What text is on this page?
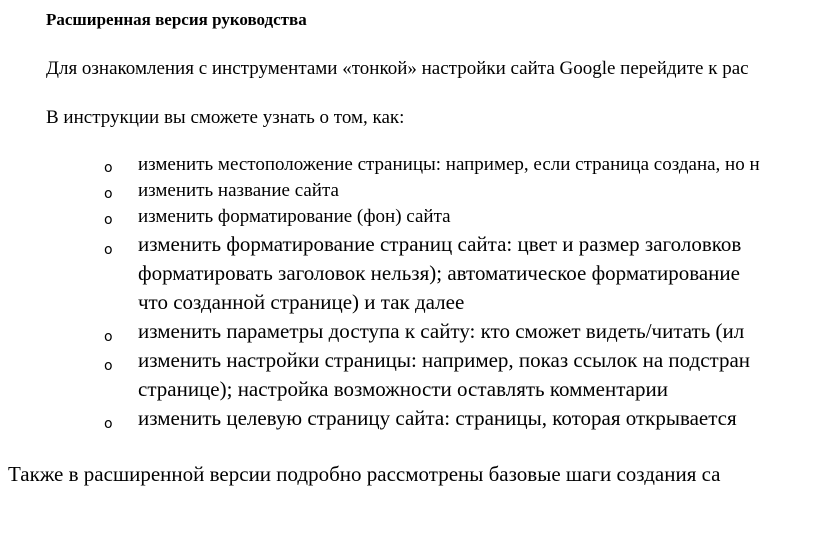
Расширенная версия руководства
Для ознакомления с инструментами «тонкой» настройки сайта Google перейдите к рас
В инструкции вы сможете узнать о том, как:
o изменить местоположение страницы: например, если страница создана, но н
o изменить название сайта
o изменить форматирование (фон) сайта
o изменить форматирование страниц сайта: цвет и размер заголовков
форматировать заголовок нельзя); автоматическое форматирование
что созданной странице) и так далее
o изменить параметры доступа к сайту: кто сможет видеть/читать (ил
o изменить настройки страницы: например, показ ссылок на подстран
странице); настройка возможности оставлять комментарии
o изменить целевую страницу сайта: страницы, которая открывается
Также в расширенной версии подробно рассмотрены базовые шаги создания са
